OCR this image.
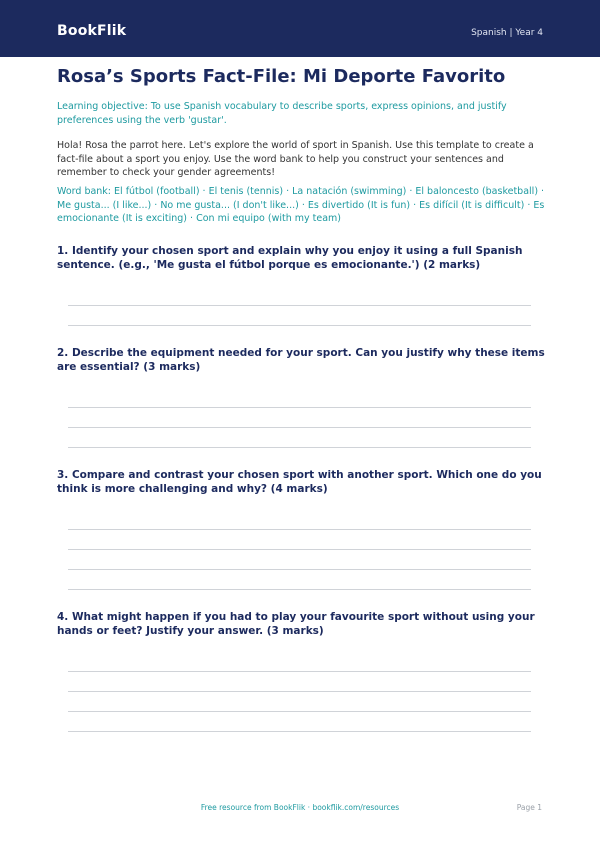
BookFlik	Spanish | Year 4
Rosa’s Sports Fact-File: Mi Deporte Favorito

Learning objective: To use Spanish vocabulary to describe sports, express opinions, and justify preferences using the verb 'gustar'.

Hola! Rosa the parrot here. Let's explore the world of sport in Spanish. Use this template to create a fact-file about a sport you enjoy. Use the word bank to help you construct your sentences and remember to check your gender agreements!

Word bank: El fútbol (football) · El tenis (tennis) · La natación (swimming) · El baloncesto (basketball) · Me gusta... (I like...) · No me gusta... (I don't like...) · Es divertido (It is fun) · Es difícil (It is difficult) · Es emocionante (It is exciting) · Con mi equipo (with my team)

1. Identify your chosen sport and explain why you enjoy it using a full Spanish sentence. (e.g., 'Me gusta el fútbol porque es emocionante.') (2 marks)

2. Describe the equipment needed for your sport. Can you justify why these items are essential? (3 marks)

3. Compare and contrast your chosen sport with another sport. Which one do you think is more challenging and why? (4 marks)

4. What might happen if you had to play your favourite sport without using your hands or feet? Justify your answer. (3 marks)

Free resource from BookFlik · bookflik.com/resources	Page 1
